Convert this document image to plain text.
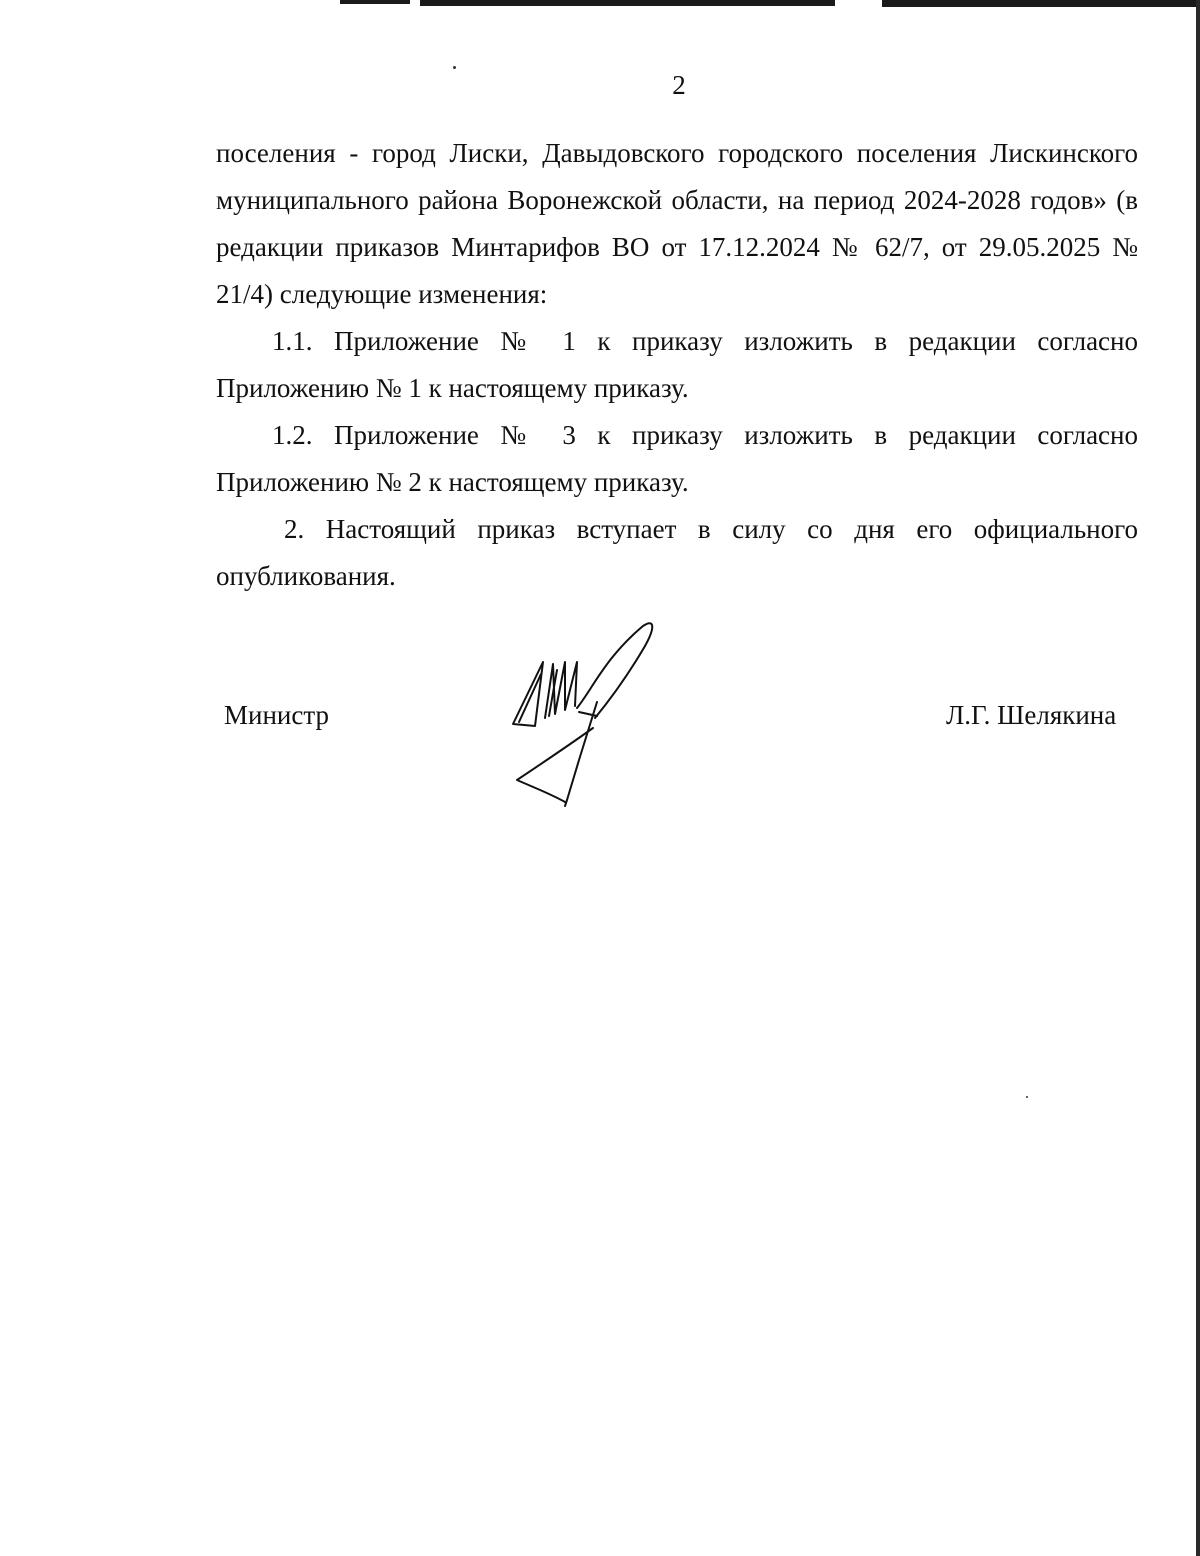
2

поселения - город Лиски, Давыдовского городского поселения Лискинского муниципального района Воронежской области, на период 2024-2028 годов» (в редакции приказов Минтарифов ВО от 17.12.2024 № 62/7, от 29.05.2025 № 21/4) следующие изменения:

1.1. Приложение № 1 к приказу изложить в редакции согласно Приложению № 1 к настоящему приказу.

1.2. Приложение № 3 к приказу изложить в редакции согласно Приложению № 2 к настоящему приказу.

2. Настоящий приказ вступает в силу со дня его официального опубликования.

Министр	Л.Г. Шелякина
